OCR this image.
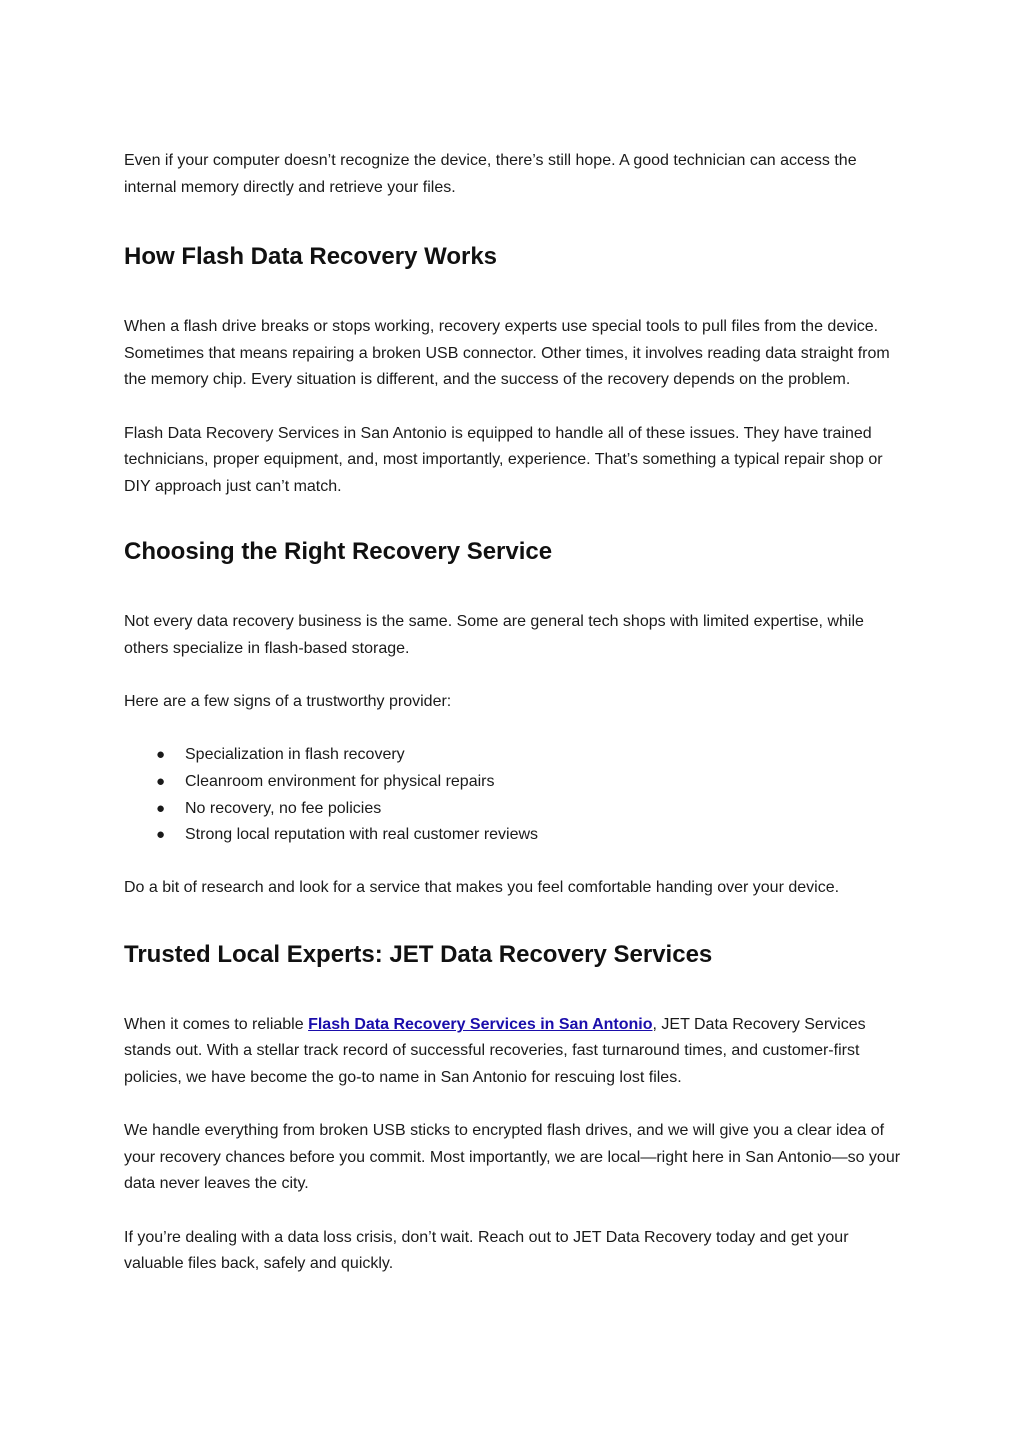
Even if your computer doesn’t recognize the device, there’s still hope. A good technician can access the internal memory directly and retrieve your files.

How Flash Data Recovery Works

When a flash drive breaks or stops working, recovery experts use special tools to pull files from the device. Sometimes that means repairing a broken USB connector. Other times, it involves reading data straight from the memory chip. Every situation is different, and the success of the recovery depends on the problem.

Flash Data Recovery Services in San Antonio is equipped to handle all of these issues. They have trained technicians, proper equipment, and, most importantly, experience. That’s something a typical repair shop or DIY approach just can’t match.

Choosing the Right Recovery Service

Not every data recovery business is the same. Some are general tech shops with limited expertise, while others specialize in flash-based storage.

Here are a few signs of a trustworthy provider:

● Specialization in flash recovery
● Cleanroom environment for physical repairs
● No recovery, no fee policies
● Strong local reputation with real customer reviews

Do a bit of research and look for a service that makes you feel comfortable handing over your device.

Trusted Local Experts: JET Data Recovery Services

When it comes to reliable Flash Data Recovery Services in San Antonio, JET Data Recovery Services stands out. With a stellar track record of successful recoveries, fast turnaround times, and customer-first policies, we have become the go-to name in San Antonio for rescuing lost files.

We handle everything from broken USB sticks to encrypted flash drives, and we will give you a clear idea of your recovery chances before you commit. Most importantly, we are local—right here in San Antonio—so your data never leaves the city.

If you’re dealing with a data loss crisis, don’t wait. Reach out to JET Data Recovery today and get your valuable files back, safely and quickly.
